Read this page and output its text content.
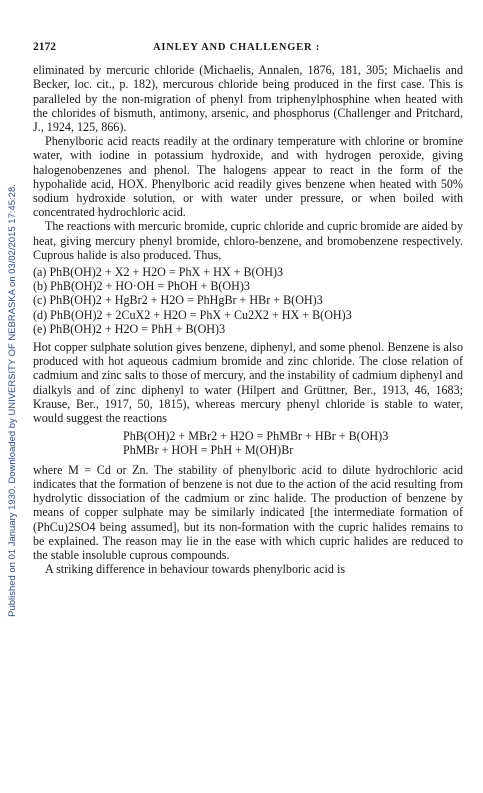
Published on 01 January 1930. Downloaded by UNIVERSITY OF NEBRASKA on 03/02/2015 17:45:28.
2172	AINLEY AND CHALLENGER :

eliminated by mercuric chloride (Michaelis, Annalen, 1876, 181, 305; Michaelis and Becker, loc. cit., p. 182), mercurous chloride being produced in the first case. This is paralleled by the non-migration of phenyl from triphenylphosphine when heated with the chlorides of bismuth, antimony, arsenic, and phosphorus (Challenger and Pritchard, J., 1924, 125, 866).

Phenylboric acid reacts readily at the ordinary temperature with chlorine or bromine water, with iodine in potassium hydroxide, and with hydrogen peroxide, giving halogenobenzenes and phenol. The halogens appear to react in the form of the hypohalide acid, HOX. Phenylboric acid readily gives benzene when heated with 50% sodium hydroxide solution, or with water under pressure, or when boiled with concentrated hydrochloric acid.

The reactions with mercuric bromide, cupric chloride and cupric bromide are aided by heat, giving mercury phenyl bromide, chloro-benzene, and bromobenzene respectively. Cuprous halide is also produced. Thus,

(a) PhB(OH)2 + X2 + H2O = PhX + HX + B(OH)3
(b) PhB(OH)2 + HO·OH = PhOH + B(OH)3
(c) PhB(OH)2 + HgBr2 + H2O = PhHgBr + HBr + B(OH)3
(d) PhB(OH)2 + 2CuX2 + H2O = PhX + Cu2X2 + HX + B(OH)3
(e) PhB(OH)2 + H2O = PhH + B(OH)3

Hot copper sulphate solution gives benzene, diphenyl, and some phenol. Benzene is also produced with hot aqueous cadmium bromide and zinc chloride. The close relation of cadmium and zinc salts to those of mercury, and the instability of cadmium diphenyl and dialkyls and of zinc diphenyl to water (Hilpert and Grüttner, Ber., 1913, 46, 1683; Krause, Ber., 1917, 50, 1815), whereas mercury phenyl chloride is stable to water, would suggest the reactions

PhB(OH)2 + MBr2 + H2O = PhMBr + HBr + B(OH)3
PhMBr + HOH = PhH + M(OH)Br

where M = Cd or Zn. The stability of phenylboric acid to dilute hydrochloric acid indicates that the formation of benzene is not due to the action of the acid resulting from hydrolytic dissociation of the cadmium or zinc halide. The production of benzene by means of copper sulphate may be similarly indicated [the intermediate formation of (PhCu)2SO4 being assumed], but its non-formation with the cupric halides remains to be explained. The reason may lie in the ease with which cupric halides are reduced to the stable insoluble cuprous compounds.

A striking difference in behaviour towards phenylboric acid is
